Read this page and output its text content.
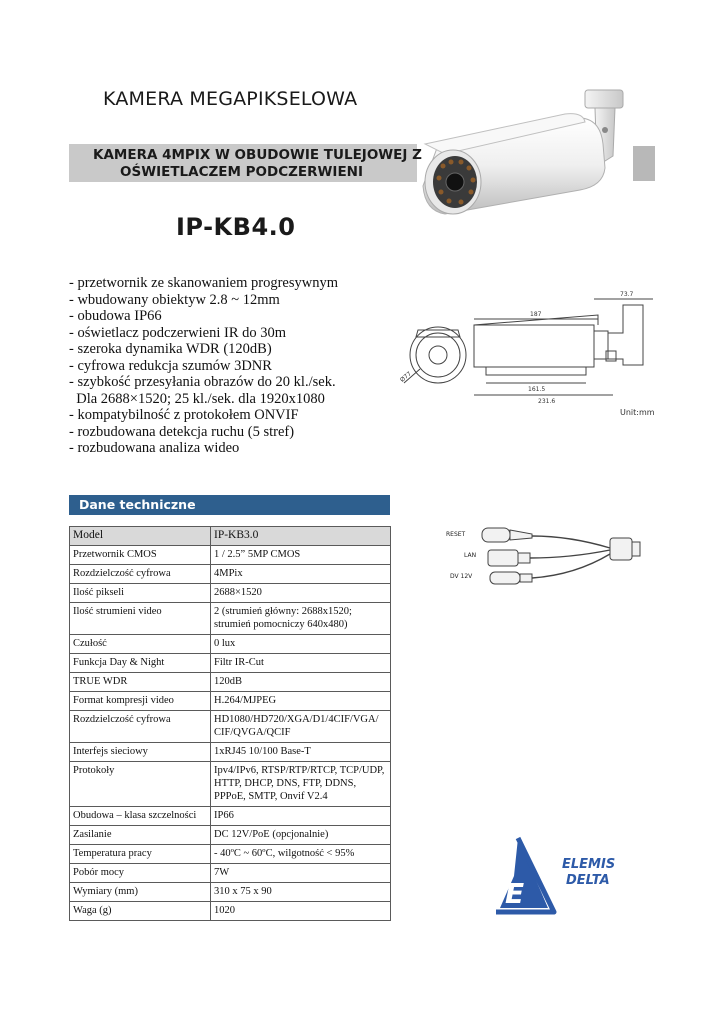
KAMERA MEGAPIKSELOWA
KAMERA 4MPIX W OBUDOWIE TULEJOWEJ Z
OŚWIETLACZEM PODCZERWIENI
IP-KB4.0
- przetwornik ze skanowaniem progresywnym
- wbudowany obiektyw 2.8 ~ 12mm
- obudowa IP66
- oświetlacz podczerwieni IR do 30m
- szeroka dynamika WDR (120dB)
- cyfrowa redukcja szumów 3DNR
- szybkość przesyłania obrazów do 20 kl./sek.
Dla 2688×1520; 25 kl./sek. dla 1920x1080
- kompatybilność z protokołem ONVIF
- rozbudowana detekcja ruchu (5 stref)
- rozbudowana analiza wideo
73.7
187
Ø77
161.5
231.6
Unit:mm
Dane techniczne
Model	IP-KB3.0
Przetwornik CMOS	1 / 2.5” 5MP CMOS
Rozdzielczość cyfrowa	4MPix
Ilość pikseli	2688×1520
Ilość strumieni video	2 (strumień główny: 2688x1520; strumień pomocniczy 640x480)
Czułość	0 lux
Funkcja Day & Night	Filtr IR-Cut
TRUE WDR	120dB
Format kompresji video	H.264/MJPEG
Rozdzielczość cyfrowa	HD1080/HD720/XGA/D1/4CIF/VGA/ CIF/QVGA/QCIF
Interfejs sieciowy	1xRJ45 10/100 Base-T
Protokoły	Ipv4/IPv6, RTSP/RTP/RTCP, TCP/UDP, HTTP, DHCP, DNS, FTP, DDNS, PPPoE, SMTP, Onvif V2.4
Obudowa – klasa szczelności	IP66
Zasilanie	DC 12V/PoE (opcjonalnie)
Temperatura pracy	- 40ºC ~ 60ºC, wilgotność < 95%
Pobór mocy	7W
Wymiary (mm)	310 x 75 x 90
Waga (g)	1020
RESET
LAN
DV 12V
E
ELEMIS
DELTA
